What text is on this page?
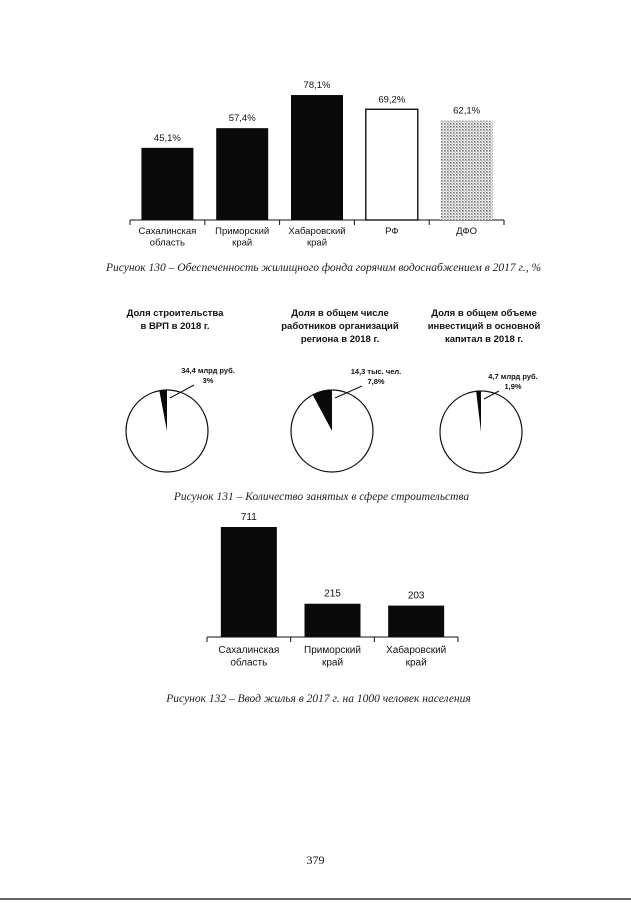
45,1%
Сахалинская
область
57,4%
Приморский
край
78,1%
Хабаровский
край
69,2%
РФ
62,1%
ДФО
Рисунок 130 – Обеспеченность жилищного фонда горячим водоснабжением в 2017 г., %
Доля строительства
в ВРП в 2018 г.
34,4 млрд руб.
3%
Доля в общем числе
работников организаций
региона в 2018 г.
14,3 тыс. чел.
7,8%
Доля в общем объеме
инвестиций в основной
капитал в 2018 г.
4,7 млрд руб.
1,9%
Рисунок 131 – Количество занятых в сфере строительства
711
Сахалинская
область
215
Приморский
край
203
Хабаровский
край
Рисунок 132 – Ввод жилья в 2017 г. на 1000 человек населения
379
